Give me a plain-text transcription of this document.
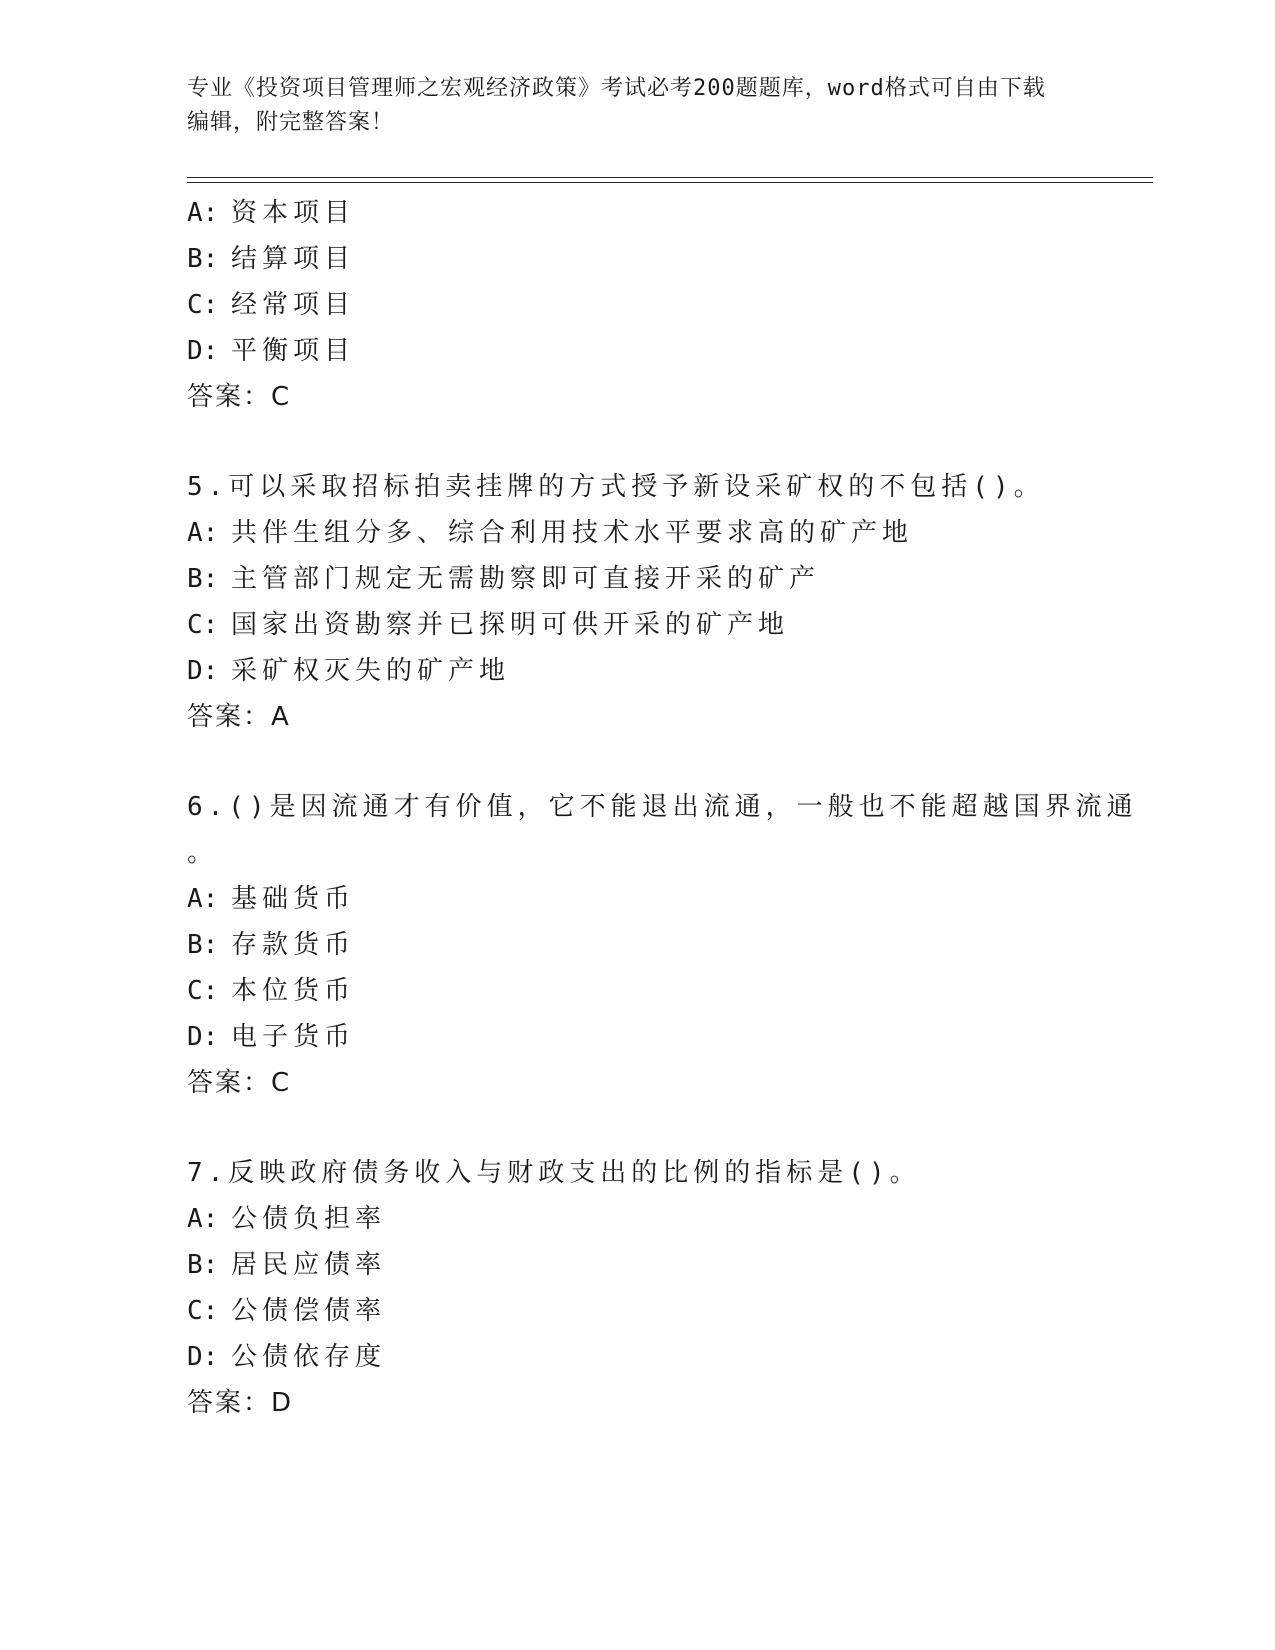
专业《投资项目管理师之宏观经济政策》考试必考200题题库，word格式可自由下载编辑，附完整答案！
A: 资本项目
B: 结算项目
C: 经常项目
D: 平衡项目
答案：C
5.可以采取招标拍卖挂牌的方式授予新设采矿权的不包括()。
A: 共伴生组分多、综合利用技术水平要求高的矿产地
B: 主管部门规定无需勘察即可直接开采的矿产
C: 国家出资勘察并已探明可供开采的矿产地
D: 采矿权灭失的矿产地
答案：A
6.()是因流通才有价值，它不能退出流通，一般也不能超越国界流通
。
A: 基础货币
B: 存款货币
C: 本位货币
D: 电子货币
答案：C
7.反映政府债务收入与财政支出的比例的指标是()。
A: 公债负担率
B: 居民应债率
C: 公债偿债率
D: 公债依存度
答案：D
